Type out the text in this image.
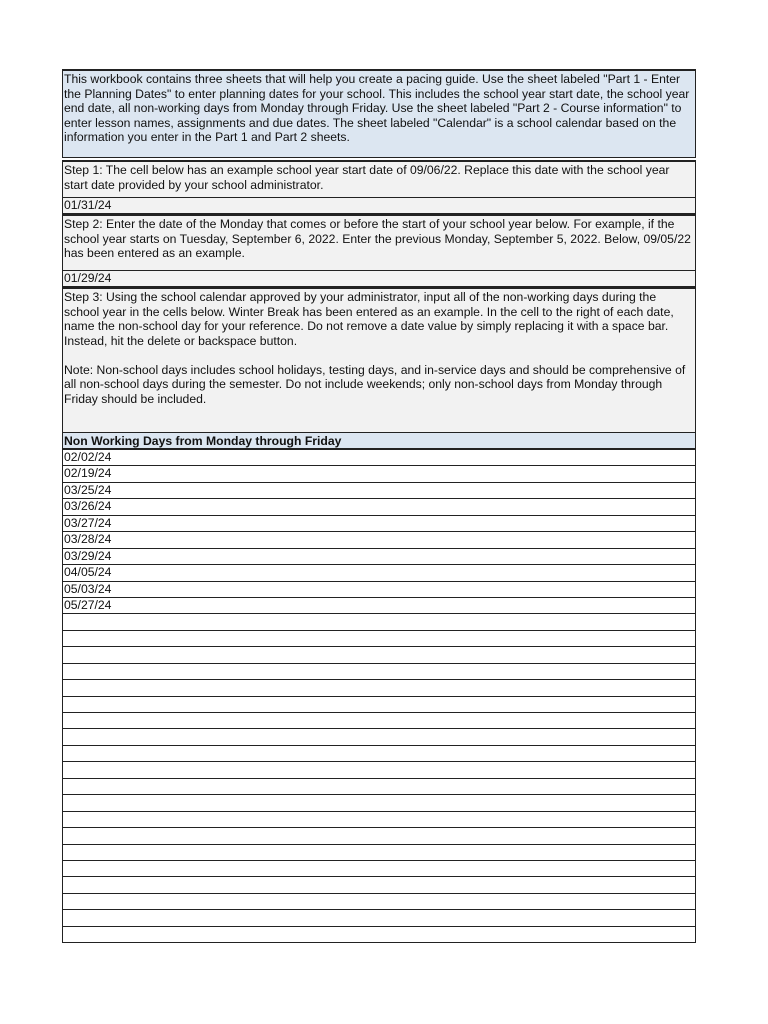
This workbook contains three sheets that will help you create a pacing guide. Use the sheet labeled "Part 1 - Enter the Planning Dates" to enter planning dates for your school. This includes the school year start date, the school year end date, all non-working days from Monday through Friday. Use the sheet labeled "Part 2 - Course information" to enter lesson names, assignments and due dates. The sheet labeled "Calendar" is a school calendar based on the information you enter in the Part 1 and Part 2 sheets.
Step 1: The cell below has an example school year start date of 09/06/22. Replace this date with the school year start date provided by your school administrator.
01/31/24
Step 2: Enter the date of the Monday that comes or before the start of your school year below. For example, if the school year starts on Tuesday, September 6, 2022. Enter the previous Monday, September 5, 2022. Below, 09/05/22 has been entered as an example.
01/29/24
Step 3: Using the school calendar approved by your administrator, input all of the non-working days during the school year in the cells below. Winter Break has been entered as an example. In the cell to the right of each date, name the non-school day for your reference. Do not remove a date value by simply replacing it with a space bar. Instead, hit the delete or backspace button.

Note: Non-school days includes school holidays, testing days, and in-service days and should be comprehensive of all non-school days during the semester. Do not include weekends; only non-school days from Monday through Friday should be included.
Non Working Days from Monday through Friday
02/02/24
02/19/24
03/25/24
03/26/24
03/27/24
03/28/24
03/29/24
04/05/24
05/03/24
05/27/24
